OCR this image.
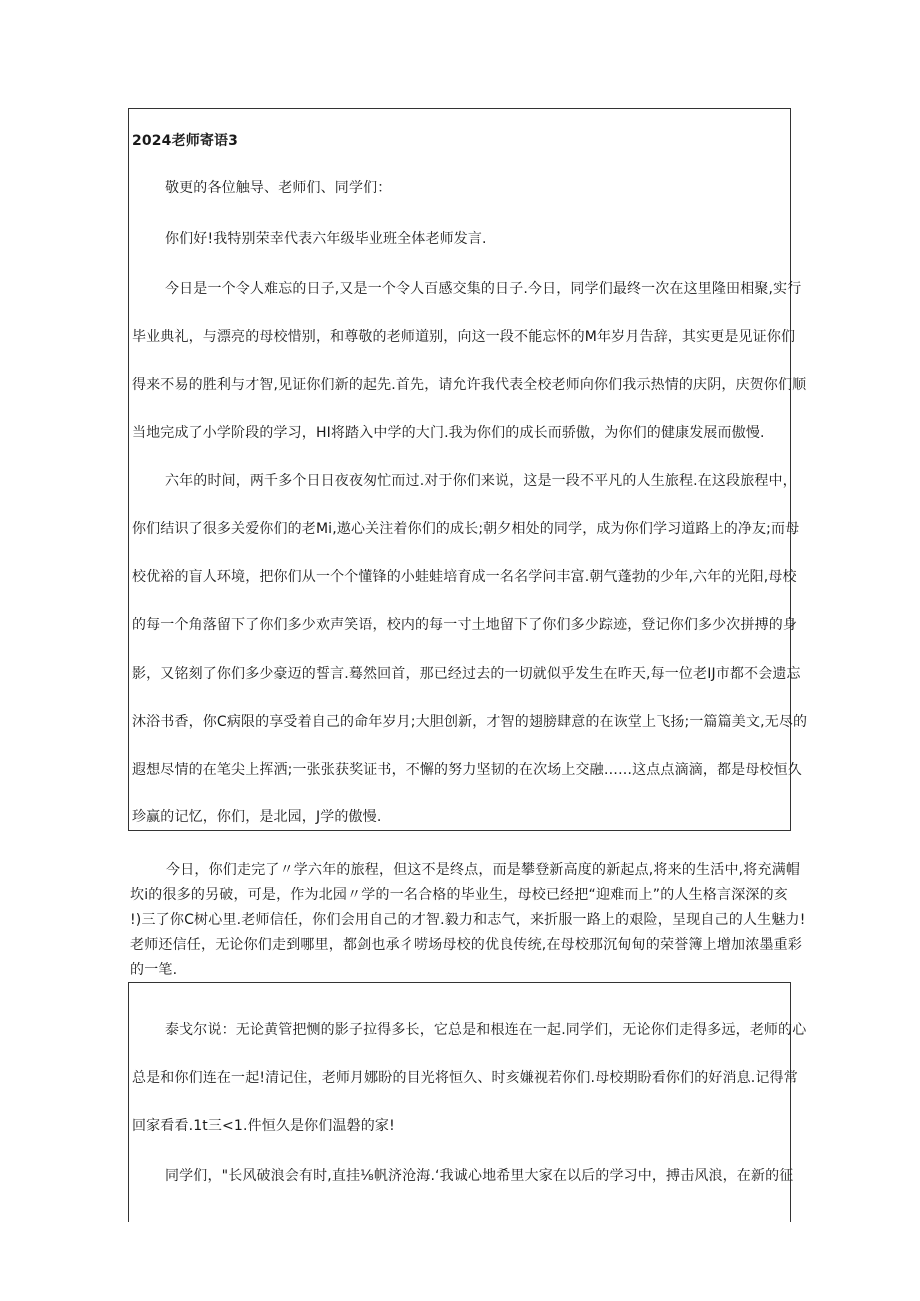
2024老师寄语3
敬更的各位触导、老师们、同学们：
你们好!我特别荣幸代表六年级毕业班全体老师发言.
今日是一个令人难忘的日子,又是一个令人百感交集的日子.今日，同学们最终一次在这里隆田相聚,实行
毕业典礼，与漂亮的母校惜别，和尊敬的老师道别，向这一段不能忘怀的M年岁月告辞，其实更是见证你们
得来不易的胜利与才智,见证你们新的起先.首先，请允许我代表全校老师向你们我示热情的庆阴，庆贺你们顺
当地完成了小学阶段的学习，HI将踏入中学的大门.我为你们的成长而骄傲，为你们的健康发展而傲慢.
六年的时间，两千多个日日夜夜匆忙而过.对于你们来说，这是一段不平凡的人生旅程.在这段旅程中，
你们结识了很多关爱你们的老Mi,遨心关注着你们的成长;朝夕相处的同学，成为你们学习道路上的净友;而母
校优裕的盲人环境，把你们从一个个懂锋的小蛙蛙培育成一名名学问丰富.朝气蓬勃的少年,六年的光阳,母校
的每一个角落留下了你们多少欢声笑语，校内的每一寸土地留下了你们多少踪迹，登记你们多少次拼搏的身
影，又铭刻了你们多少豪迈的誓言.蓦然回首，那已经过去的一切就似乎发生在昨天,每一位老IJ市都不会遗忘
沐浴书香，你C病限的享受着自己的命年岁月;大胆创新，才智的翅膀肆意的在诙堂上飞扬;一篇篇美文,无尽的
遐想尽情的在笔尖上挥洒;一张张获奖证书，不懈的努力坚韧的在次场上交融……这点点滴滴，都是母校恒久
珍赢的记忆，你们，是北园，J学的傲慢.
今日，你们走完了〃学六年的旅程，但这不是终点，而是攀登新高度的新起点,将来的生活中,将充满帽
坎i的很多的另破，可是，作为北园〃学的一名合格的毕业生，母校已经把“迎难而上”的人生格言深深的亥
!)三了你C树心里.老师信任，你们会用自己的才智.毅力和志气，来折服一路上的艰险，呈现自己的人生魅力!
老师还信任，无论你们走到哪里，都剑也承彳唠场母校的优良传统,在母校那沉甸甸的荣誉簿上增加浓墨重彩
的一笔.
泰戈尔说：无论黄管把恻的影子拉得多长，它总是和根连在一起.同学们，无论你们走得多远，老师的心
总是和你们连在一起!清记住，老师月娜盼的目光将恒久、时亥嫌视若你们.母校期盼看你们的好消息.记得常
回家看看.1t三<1.件恒久是你们温磐的家!
同学们，"长风破浪会有时,直挂⅛帆济沧海.‘我诚心地希里大家在以后的学习中，搏击风浪，在新的征
